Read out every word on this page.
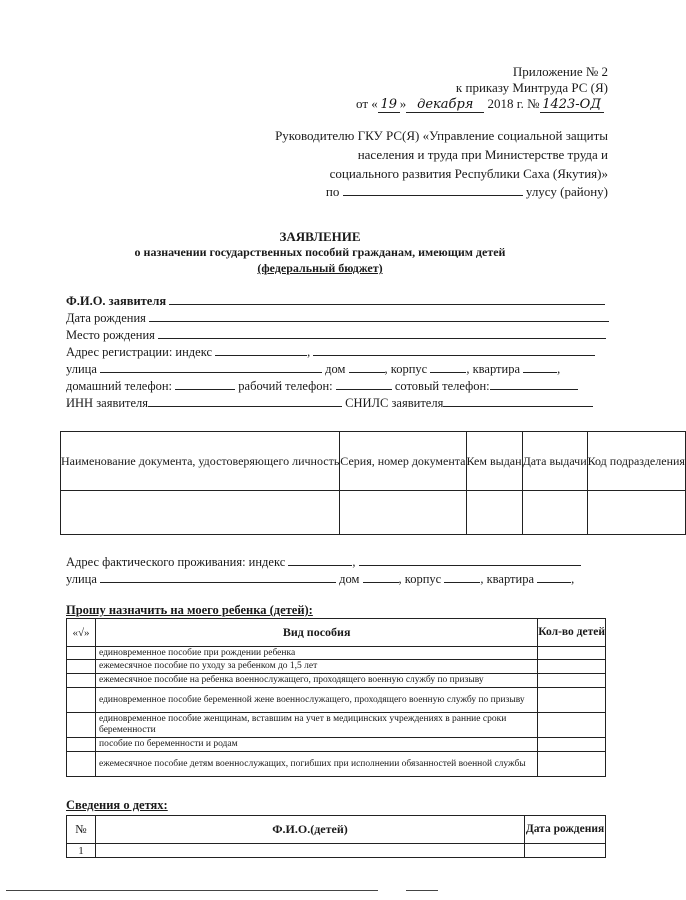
Приложение № 2
к приказу Минтруда РС (Я)
от « 19 » декабря 2018 г. № 1423-ОД
Руководителю ГКУ РС(Я) «Управление социальной защиты
населения и труда при Министерстве труда и
социального развития Республики Саха (Якутия)»
по	улусу (району)
ЗАЯВЛЕНИЕ
о назначении государственных пособий гражданам, имеющим детей
(федеральный бюджет)
Ф.И.О. заявителя
Дата рождения
Место рождения
Адрес регистрации: индекс	,
улица	дом	, корпус	, квартира	,
домашний телефон:	рабочий телефон:	сотовый телефон:
ИНН заявителя	СНИЛС заявителя
Наименование документа, удостоверяющего личность	Серия, номер документа	Кем выдан	Дата выдачи	Код подразделения

Адрес фактического проживания: индекс	,
улица	дом	, корпус	, квартира	,
Прошу назначить на моего ребенка (детей):
«√»	Вид пособия	Кол-во детей
	единовременное пособие при рождении ребенка	
	ежемесячное пособие по уходу за ребенком до 1,5 лет	
	ежемесячное пособие на ребенка военнослужащего, проходящего военную службу по призыву	
	единовременное пособие беременной жене военнослужащего, проходящего военную службу по призыву	
	единовременное пособие женщинам, вставшим на учет в медицинских учреждениях в ранние сроки беременности	
	пособие по беременности и родам	
	ежемесячное пособие детям военнослужащих, погибших при исполнении обязанностей военной службы	
Сведения о детях:
№	Ф.И.О.(детей)	Дата рождения
1		
